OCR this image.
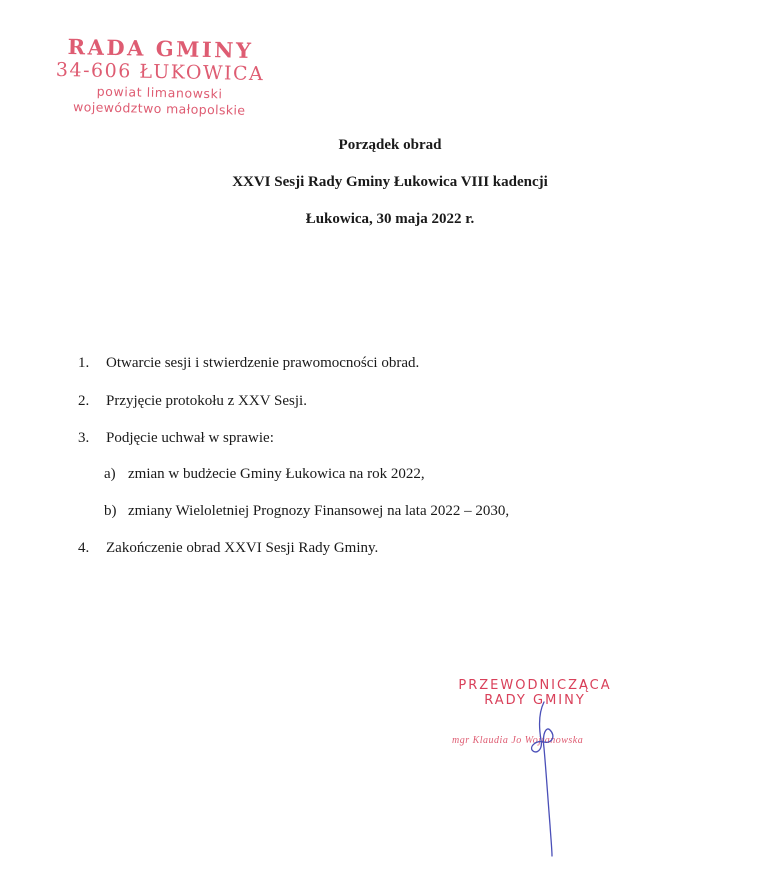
RADA GMINY
34-606 ŁUKOWICA
powiat limanowski
województwo małopolskie
Porządek obrad
XXVI Sesji Rady Gminy Łukowica VIII kadencji
Łukowica, 30 maja 2022 r.
1. Otwarcie sesji i stwierdzenie prawomocności obrad.
2. Przyjęcie protokołu z XXV Sesji.
3. Podjęcie uchwał w sprawie:
a) zmian w budżecie Gminy Łukowica na rok 2022,
b) zmiany Wieloletniej Prognozy Finansowej na lata 2022 – 2030,
4. Zakończenie obrad XXVI Sesji Rady Gminy.
PRZEWODNICZĄCA
RADY GMINY
mgr Klaudia Jo Wojtanowska
